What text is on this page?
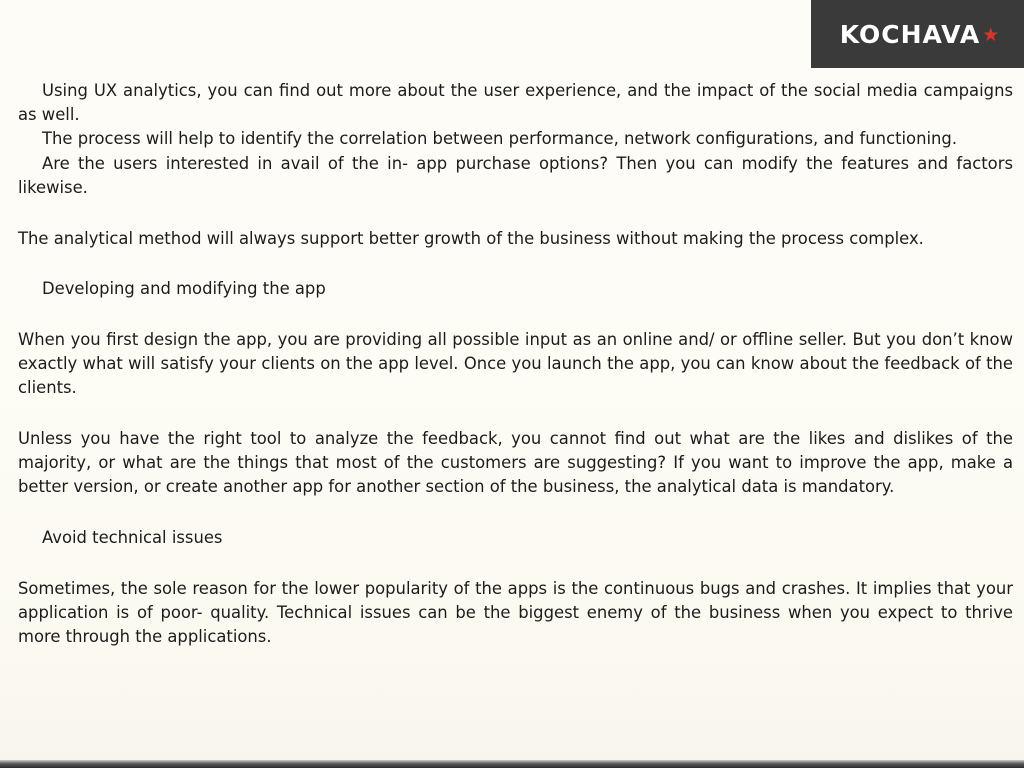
KOCHAVA ★

Using UX analytics, you can find out more about the user experience, and the impact of the social media campaigns as well.

The process will help to identify the correlation between performance, network configurations, and functioning.

Are the users interested in avail of the in- app purchase options? Then you can modify the features and factors likewise.

The analytical method will always support better growth of the business without making the process complex.

Developing and modifying the app

When you first design the app, you are providing all possible input as an online and/ or offline seller. But you don’t know exactly what will satisfy your clients on the app level. Once you launch the app, you can know about the feedback of the clients.

Unless you have the right tool to analyze the feedback, you cannot find out what are the likes and dislikes of the majority, or what are the things that most of the customers are suggesting? If you want to improve the app, make a better version, or create another app for another section of the business, the analytical data is mandatory.

Avoid technical issues

Sometimes, the sole reason for the lower popularity of the apps is the continuous bugs and crashes. It implies that your application is of poor- quality. Technical issues can be the biggest enemy of the business when you expect to thrive more through the applications.
